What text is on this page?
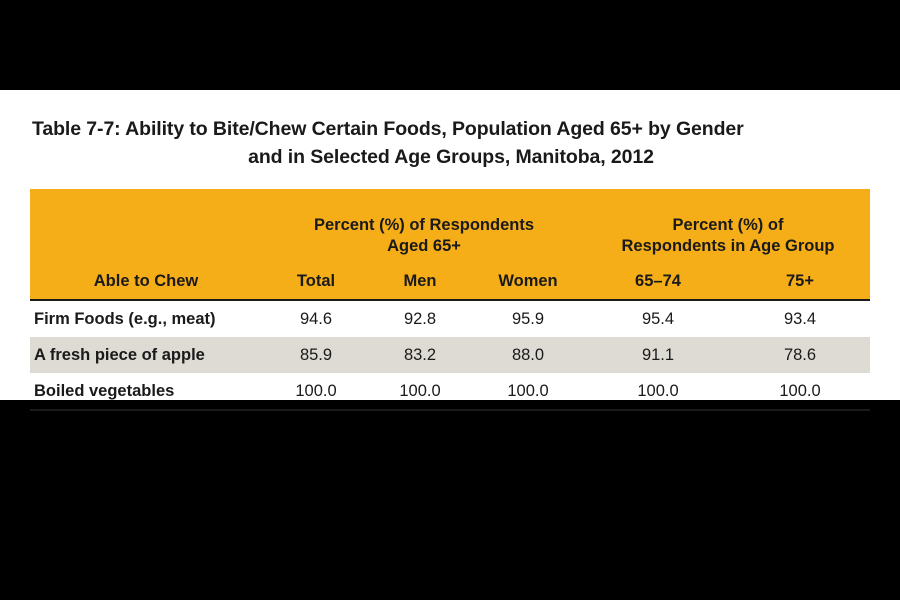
Table 7-7: Ability to Bite/Chew Certain Foods, Population Aged 65+ by Gender
and in Selected Age Groups, Manitoba, 2012

Percent (%) of Respondents
Aged 65+

Percent (%) of
Respondents in Age Group

Able to Chew	Total	Men	Women	65–74	75+
Firm Foods (e.g., meat)	94.6	92.8	95.9	95.4	93.4
A fresh piece of apple	85.9	83.2	88.0	91.1	78.6
Boiled vegetables	100.0	100.0	100.0	100.0	100.0
